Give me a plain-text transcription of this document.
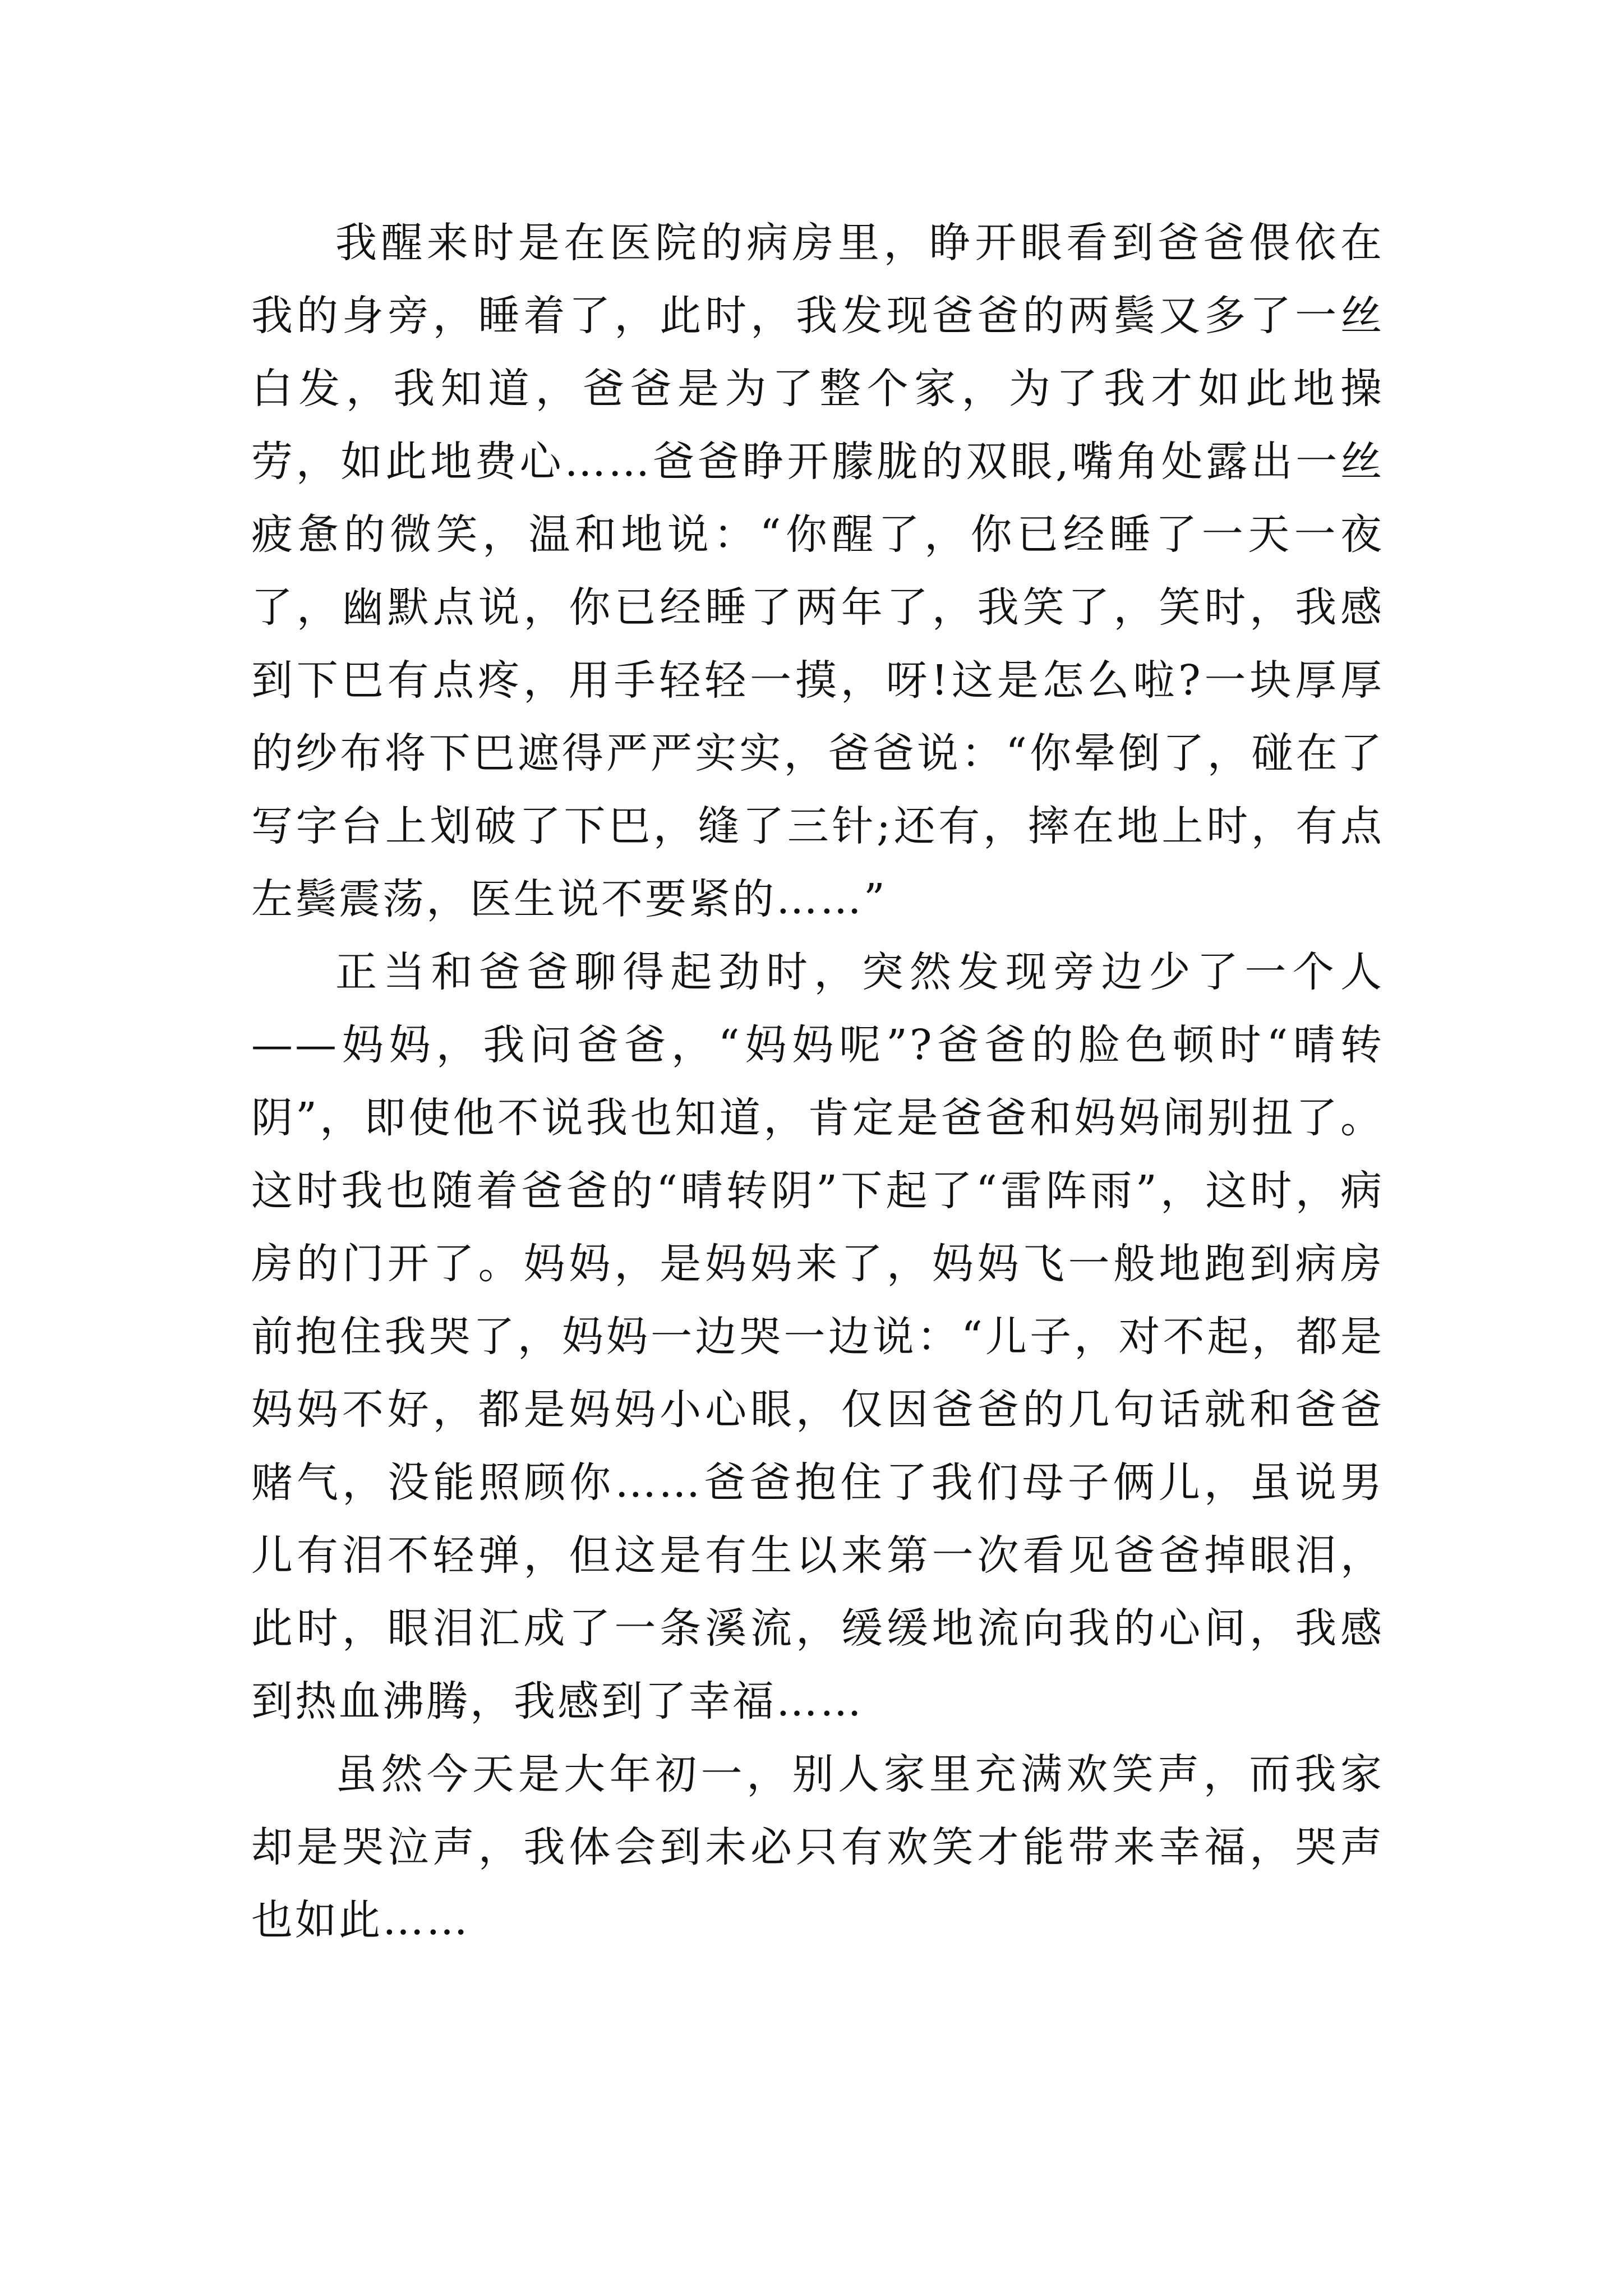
我醒来时是在医院的病房里，睁开眼看到爸爸偎依在我的身旁，睡着了，此时，我发现爸爸的两鬓又多了一丝白发，我知道，爸爸是为了整个家，为了我才如此地操劳，如此地费心……爸爸睁开朦胧的双眼,嘴角处露出一丝疲惫的微笑，温和地说：“你醒了，你已经睡了一天一夜了，幽默点说，你已经睡了两年了，我笑了，笑时，我感到下巴有点疼，用手轻轻一摸，呀!这是怎么啦?一块厚厚的纱布将下巴遮得严严实实，爸爸说：“你晕倒了，碰在了写字台上划破了下巴，缝了三针;还有，摔在地上时，有点左鬓震荡，医生说不要紧的……”

正当和爸爸聊得起劲时，突然发现旁边少了一个人——妈妈，我问爸爸，“妈妈呢”?爸爸的脸色顿时“晴转阴”，即使他不说我也知道，肯定是爸爸和妈妈闹别扭了。这时我也随着爸爸的“晴转阴”下起了“雷阵雨”，这时，病房的门开了。妈妈，是妈妈来了，妈妈飞一般地跑到病房前抱住我哭了，妈妈一边哭一边说：“儿子，对不起，都是妈妈不好，都是妈妈小心眼，仅因爸爸的几句话就和爸爸赌气，没能照顾你……爸爸抱住了我们母子俩儿，虽说男儿有泪不轻弹，但这是有生以来第一次看见爸爸掉眼泪，此时，眼泪汇成了一条溪流，缓缓地流向我的心间，我感到热血沸腾，我感到了幸福……

虽然今天是大年初一，别人家里充满欢笑声，而我家却是哭泣声，我体会到未必只有欢笑才能带来幸福，哭声也如此……
